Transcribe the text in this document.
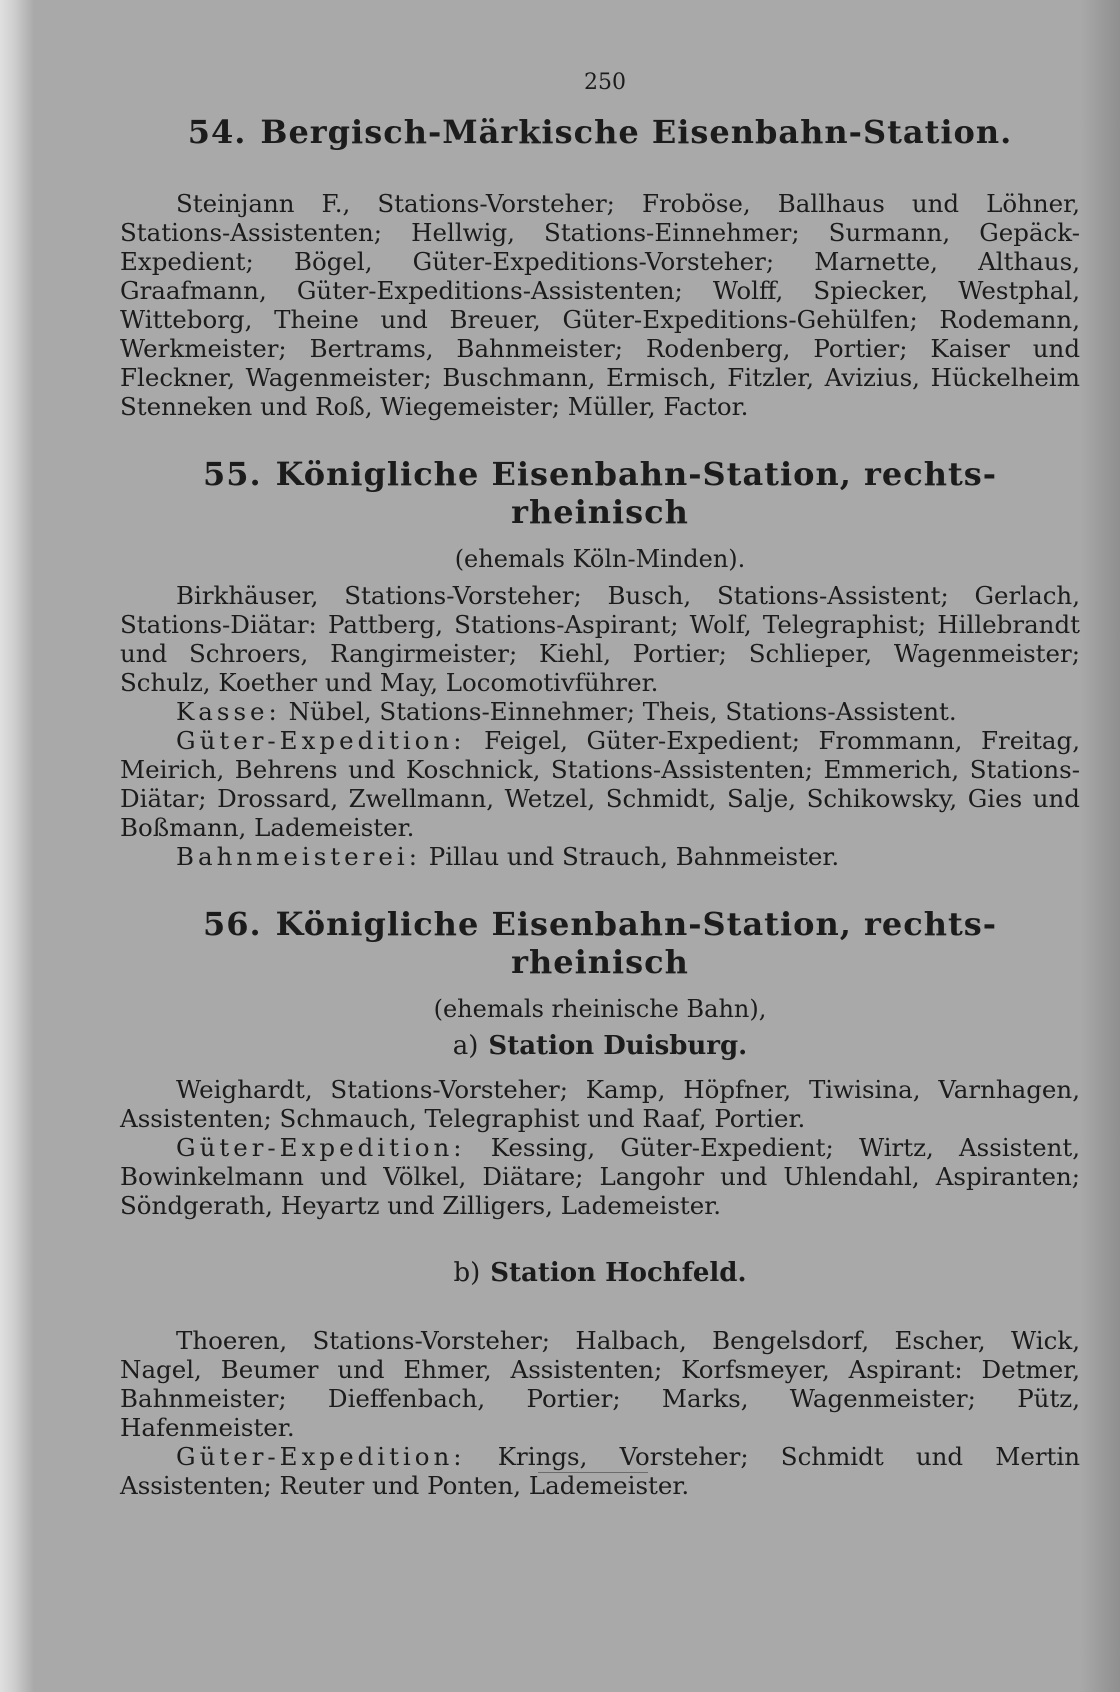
250
54. Bergisch-Märkische Eisenbahn-Station.

Steinjann F., Stations-Vorsteher; Froböse, Ballhaus und Löhner, Stations-Assistenten; Hellwig, Stations-Einnehmer; Surmann, Gepäck-Expedient; Bögel, Güter-Expeditions-Vorsteher; Marnette, Althaus, Graafmann, Güter-Expeditions-Assistenten; Wolff, Spiecker, Westphal, Witteborg, Theine und Breuer, Güter-Expeditions-Gehülfen; Rodemann, Werkmeister; Bertrams, Bahnmeister; Rodenberg, Portier; Kaiser und Fleckner, Wagenmeister; Buschmann, Ermisch, Fitzler, Avizius, Hückelheim Stenneken und Roß, Wiegemeister; Müller, Factor.

55. Königliche Eisenbahn-Station, rechts-rheinisch
(ehemals Köln-Minden).

Birkhäuser, Stations-Vorsteher; Busch, Stations-Assistent; Gerlach, Stations-Diätar: Pattberg, Stations-Aspirant; Wolf, Telegraphist; Hillebrandt und Schroers, Rangirmeister; Kiehl, Portier; Schlieper, Wagenmeister; Schulz, Koether und May, Locomotivführer.

Kasse: Nübel, Stations-Einnehmer; Theis, Stations-Assistent.

Güter-Expedition: Feigel, Güter-Expedient; Frommann, Freitag, Meirich, Behrens und Koschnick, Stations-Assistenten; Emmerich, Stations-Diätar; Drossard, Zwellmann, Wetzel, Schmidt, Salje, Schikowsky, Gies und Boßmann, Lademeister.

Bahnmeisterei: Pillau und Strauch, Bahnmeister.

56. Königliche Eisenbahn-Station, rechts-rheinisch
(ehemals rheinische Bahn),
a) Station Duisburg.

Weighardt, Stations-Vorsteher; Kamp, Höpfner, Tiwisina, Varnhagen, Assistenten; Schmauch, Telegraphist und Raaf, Portier.

Güter-Expedition: Kessing, Güter-Expedient; Wirtz, Assistent, Bowinkelmann und Völkel, Diätare; Langohr und Uhlendahl, Aspiranten; Söndgerath, Heyartz und Zilligers, Lademeister.

b) Station Hochfeld.

Thoeren, Stations-Vorsteher; Halbach, Bengelsdorf, Escher, Wick, Nagel, Beumer und Ehmer, Assistenten; Korfsmeyer, Aspirant: Detmer, Bahnmeister; Dieffenbach, Portier; Marks, Wagenmeister; Pütz, Hafenmeister.

Güter-Expedition: Krings, Vorsteher; Schmidt und Mertin Assistenten; Reuter und Ponten, Lademeister.
